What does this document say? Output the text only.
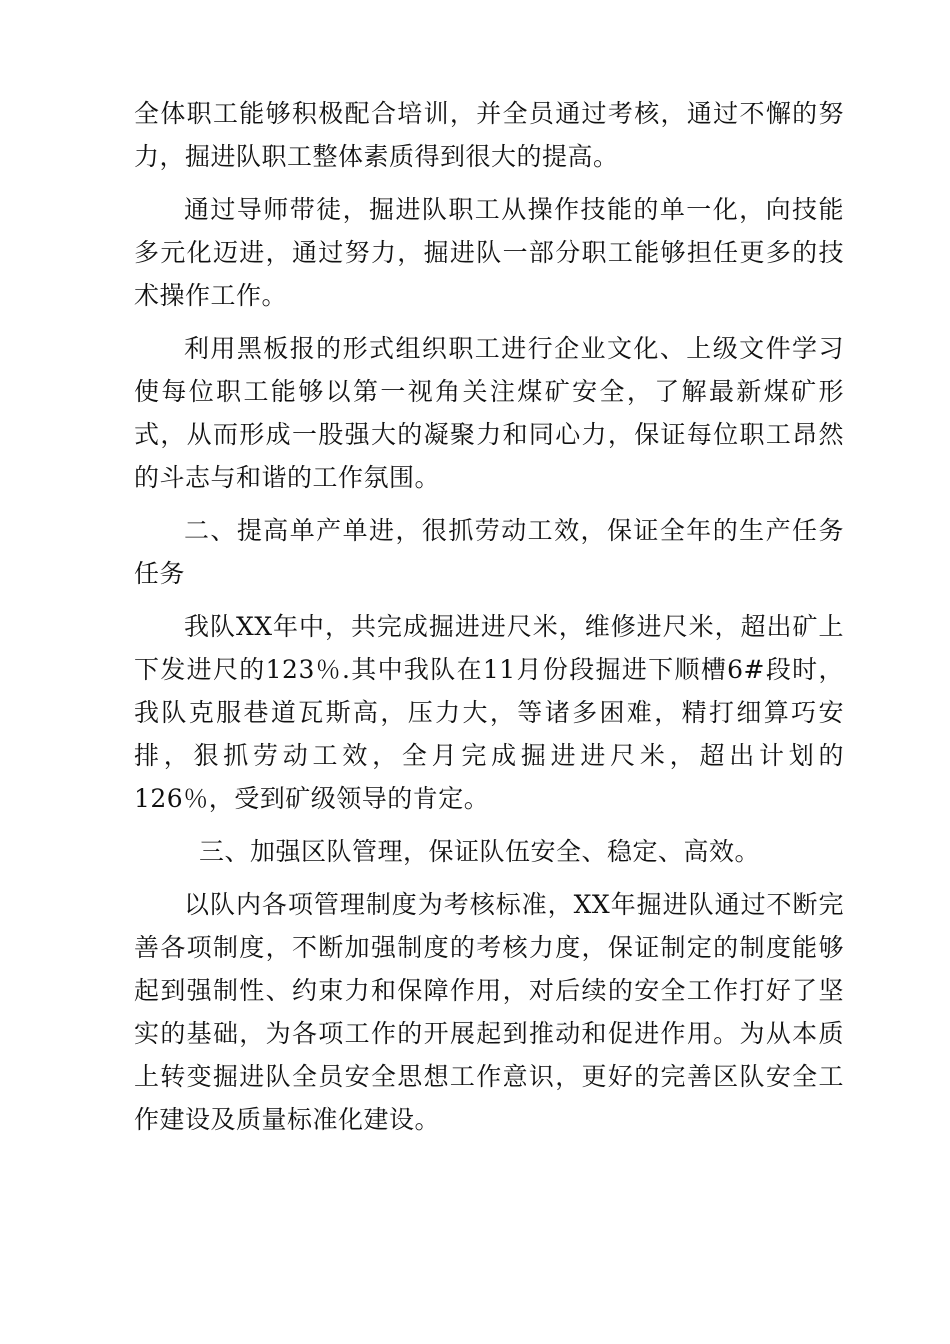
全体职工能够积极配合培训，并全员通过考核，通过不懈的努力，掘进队职工整体素质得到很大的提高。

通过导师带徒，掘进队职工从操作技能的单一化，向技能多元化迈进，通过努力，掘进队一部分职工能够担任更多的技术操作工作。

利用黑板报的形式组织职工进行企业文化、上级文件学习使每位职工能够以第一视角关注煤矿安全，了解最新煤矿形式，从而形成一股强大的凝聚力和同心力，保证每位职工昂然的斗志与和谐的工作氛围。

二、提高单产单进，很抓劳动工效，保证全年的生产任务任务

我队XX年中，共完成掘进进尺米，维修进尺米，超出矿上下发进尺的123％.其中我队在11月份段掘进下顺槽6#段时，我队克服巷道瓦斯高，压力大，等诸多困难，精打细算巧安排，狠抓劳动工效，全月完成掘进进尺米，超出计划的126％，受到矿级领导的肯定。

三、加强区队管理，保证队伍安全、稳定、高效。

以队内各项管理制度为考核标准，XX年掘进队通过不断完善各项制度，不断加强制度的考核力度，保证制定的制度能够起到强制性、约束力和保障作用，对后续的安全工作打好了坚实的基础，为各项工作的开展起到推动和促进作用。为从本质上转变掘进队全员安全思想工作意识，更好的完善区队安全工作建设及质量标准化建设。
